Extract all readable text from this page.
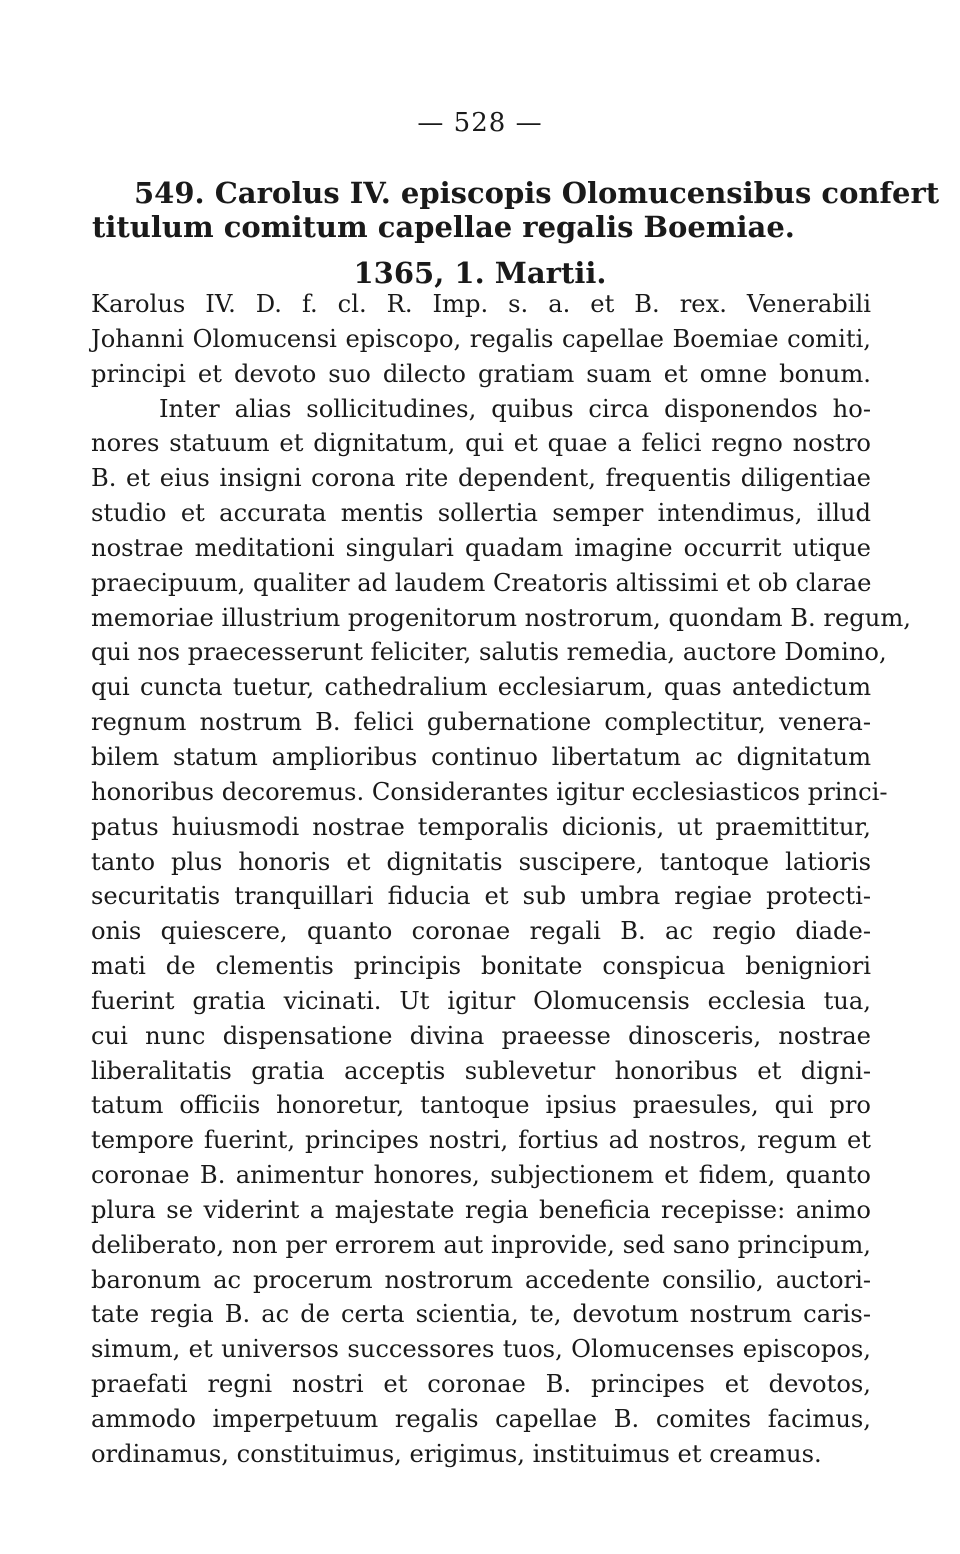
— 528 —
549. Carolus IV. episcopis Olomucensibus confert
titulum comitum capellae regalis Boemiae.
1365, 1. Martii.
Karolus IV. D. f. cl. R. Imp. s. a. et B. rex. Venerabili
Johanni Olomucensi episcopo, regalis capellae Boemiae comiti,
principi et devoto suo dilecto gratiam suam et omne bonum.
Inter alias sollicitudines, quibus circa disponendos ho-
nores statuum et dignitatum, qui et quae a felici regno nostro
B. et eius insigni corona rite dependent, frequentis diligentiae
studio et accurata mentis sollertia semper intendimus, illud
nostrae meditationi singulari quadam imagine occurrit utique
praecipuum, qualiter ad laudem Creatoris altissimi et ob clarae
memoriae illustrium progenitorum nostrorum, quondam B. regum,
qui nos praecesserunt feliciter, salutis remedia, auctore Domino,
qui cuncta tuetur, cathedralium ecclesiarum, quas antedictum
regnum nostrum B. felici gubernatione complectitur, venera-
bilem statum amplioribus continuo libertatum ac dignitatum
honoribus decoremus. Considerantes igitur ecclesiasticos princi-
patus huiusmodi nostrae temporalis dicionis, ut praemittitur,
tanto plus honoris et dignitatis suscipere, tantoque latioris
securitatis tranquillari fiducia et sub umbra regiae protecti-
onis quiescere, quanto coronae regali B. ac regio diade-
mati de clementis principis bonitate conspicua benigniori
fuerint gratia vicinati. Ut igitur Olomucensis ecclesia tua,
cui nunc dispensatione divina praeesse dinosceris, nostrae
liberalitatis gratia acceptis sublevetur honoribus et digni-
tatum officiis honoretur, tantoque ipsius praesules, qui pro
tempore fuerint, principes nostri, fortius ad nostros, regum et
coronae B. animentur honores, subjectionem et fidem, quanto
plura se viderint a majestate regia beneficia recepisse: animo
deliberato, non per errorem aut inprovide, sed sano principum,
baronum ac procerum nostrorum accedente consilio, auctori-
tate regia B. ac de certa scientia, te, devotum nostrum caris-
simum, et universos successores tuos, Olomucenses episcopos,
praefati regni nostri et coronae B. principes et devotos,
ammodo imperpetuum regalis capellae B. comites facimus,
ordinamus, constituimus, erigimus, instituimus et creamus.
